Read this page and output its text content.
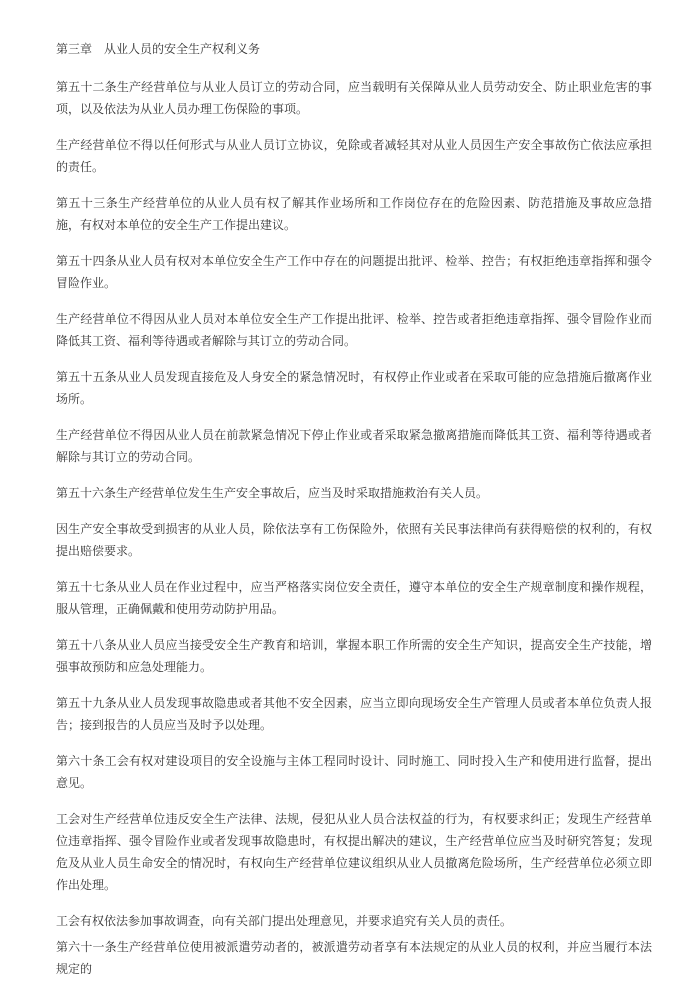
第三章　从业人员的安全生产权利义务
第五十二条生产经营单位与从业人员订立的劳动合同，应当载明有关保障从业人员劳动安全、防止职业危害的事项，以及依法为从业人员办理工伤保险的事项。
生产经营单位不得以任何形式与从业人员订立协议，免除或者减轻其对从业人员因生产安全事故伤亡依法应承担的责任。
第五十三条生产经营单位的从业人员有权了解其作业场所和工作岗位存在的危险因素、防范措施及事故应急措施，有权对本单位的安全生产工作提出建议。
第五十四条从业人员有权对本单位安全生产工作中存在的问题提出批评、检举、控告；有权拒绝违章指挥和强令冒险作业。
生产经营单位不得因从业人员对本单位安全生产工作提出批评、检举、控告或者拒绝违章指挥、强令冒险作业而降低其工资、福利等待遇或者解除与其订立的劳动合同。
第五十五条从业人员发现直接危及人身安全的紧急情况时，有权停止作业或者在采取可能的应急措施后撤离作业场所。
生产经营单位不得因从业人员在前款紧急情况下停止作业或者采取紧急撤离措施而降低其工资、福利等待遇或者解除与其订立的劳动合同。
第五十六条生产经营单位发生生产安全事故后，应当及时采取措施救治有关人员。
因生产安全事故受到损害的从业人员，除依法享有工伤保险外，依照有关民事法律尚有获得赔偿的权利的，有权提出赔偿要求。
第五十七条从业人员在作业过程中，应当严格落实岗位安全责任，遵守本单位的安全生产规章制度和操作规程，服从管理，正确佩戴和使用劳动防护用品。
第五十八条从业人员应当接受安全生产教育和培训，掌握本职工作所需的安全生产知识，提高安全生产技能，增强事故预防和应急处理能力。
第五十九条从业人员发现事故隐患或者其他不安全因素，应当立即向现场安全生产管理人员或者本单位负责人报告；接到报告的人员应当及时予以处理。
第六十条工会有权对建设项目的安全设施与主体工程同时设计、同时施工、同时投入生产和使用进行监督，提出意见。
工会对生产经营单位违反安全生产法律、法规，侵犯从业人员合法权益的行为，有权要求纠正；发现生产经营单位违章指挥、强令冒险作业或者发现事故隐患时，有权提出解决的建议，生产经营单位应当及时研究答复；发现危及从业人员生命安全的情况时，有权向生产经营单位建议组织从业人员撤离危险场所，生产经营单位必须立即作出处理。
工会有权依法参加事故调查，向有关部门提出处理意见，并要求追究有关人员的责任。
第六十一条生产经营单位使用被派遣劳动者的，被派遣劳动者享有本法规定的从业人员的权利，并应当履行本法规定的
